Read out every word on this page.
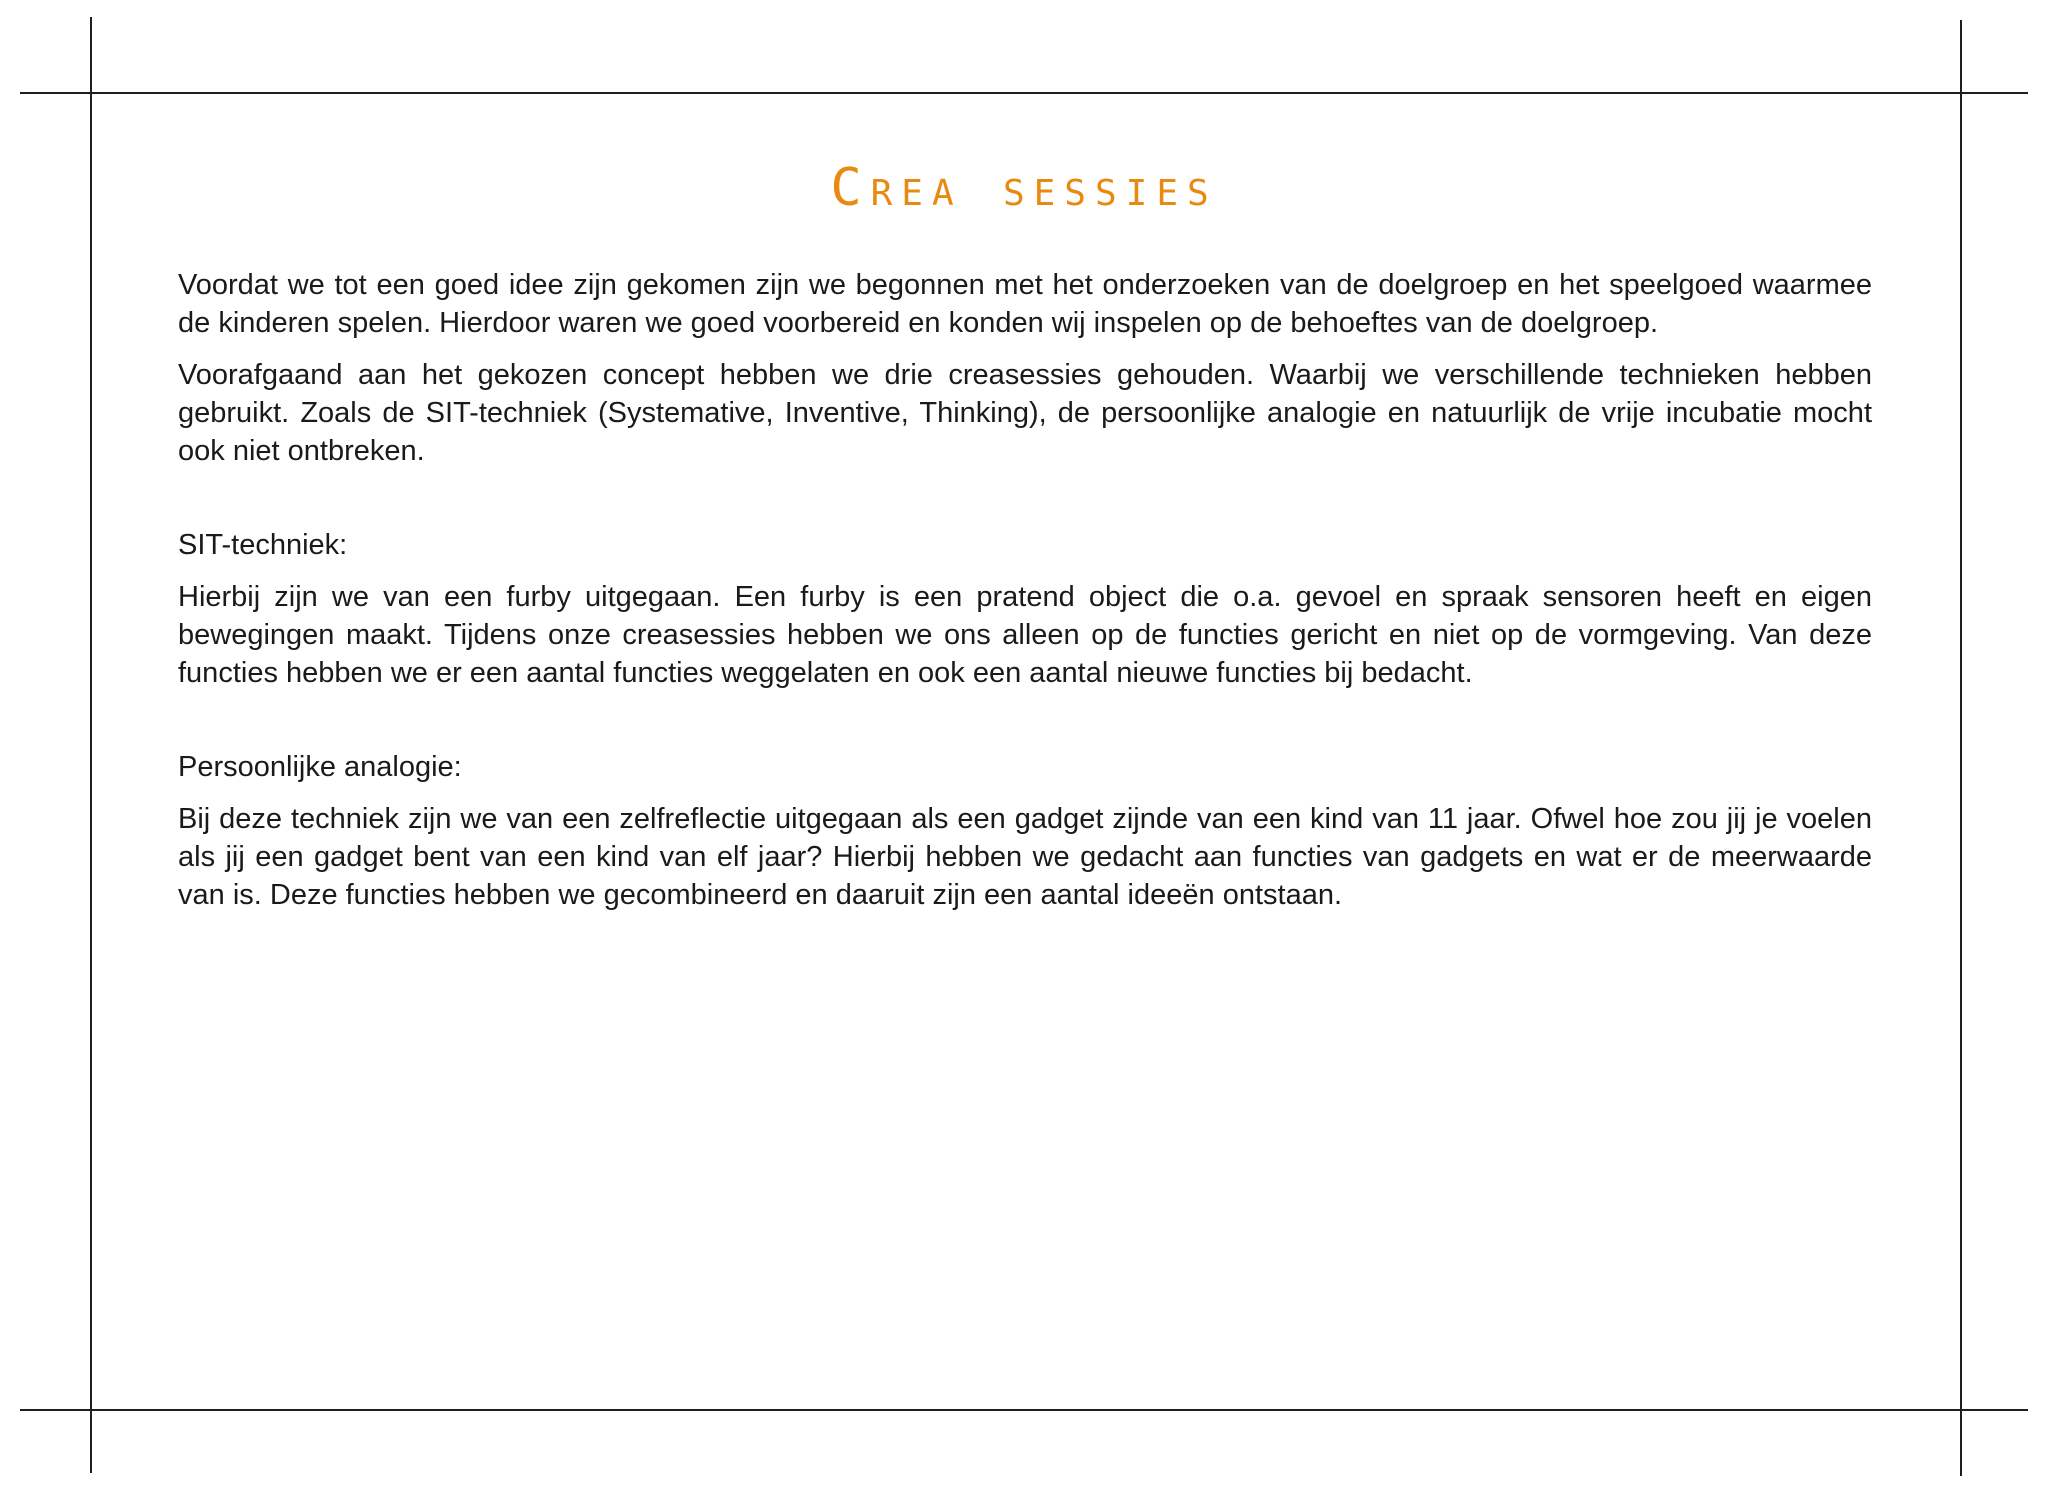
Crea sessies

Voordat we tot een goed idee zijn gekomen zijn we begonnen met het onderzoeken van de doelgroep en het speelgoed waarmee de kinderen spelen. Hierdoor waren we goed voorbereid en konden wij inspelen op de behoeftes van de doelgroep.

Voorafgaand aan het gekozen concept hebben we drie creasessies gehouden. Waarbij we verschillende technieken hebben gebruikt. Zoals de SIT-techniek (Systemative, Inventive, Thinking), de persoonlijke analogie en natuurlijk de vrije incubatie mocht ook niet ontbreken.

SIT-techniek:

Hierbij zijn we van een furby uitgegaan. Een furby is een pratend object die o.a. gevoel en spraak sensoren heeft en eigen bewegingen maakt. Tijdens onze creasessies hebben we ons alleen op de functies gericht en niet op de vormgeving. Van deze functies hebben we er een aantal functies weggelaten en ook een aantal nieuwe functies bij bedacht.

Persoonlijke analogie:

Bij deze techniek zijn we van een zelfreflectie uitgegaan als een gadget zijnde van een kind van 11 jaar. Ofwel hoe zou jij je voelen als jij een gadget bent van een kind van elf jaar? Hierbij hebben we gedacht aan functies van gadgets en wat er de meerwaarde van is. Deze functies hebben we gecombineerd en daaruit zijn een aantal ideeën ontstaan.
